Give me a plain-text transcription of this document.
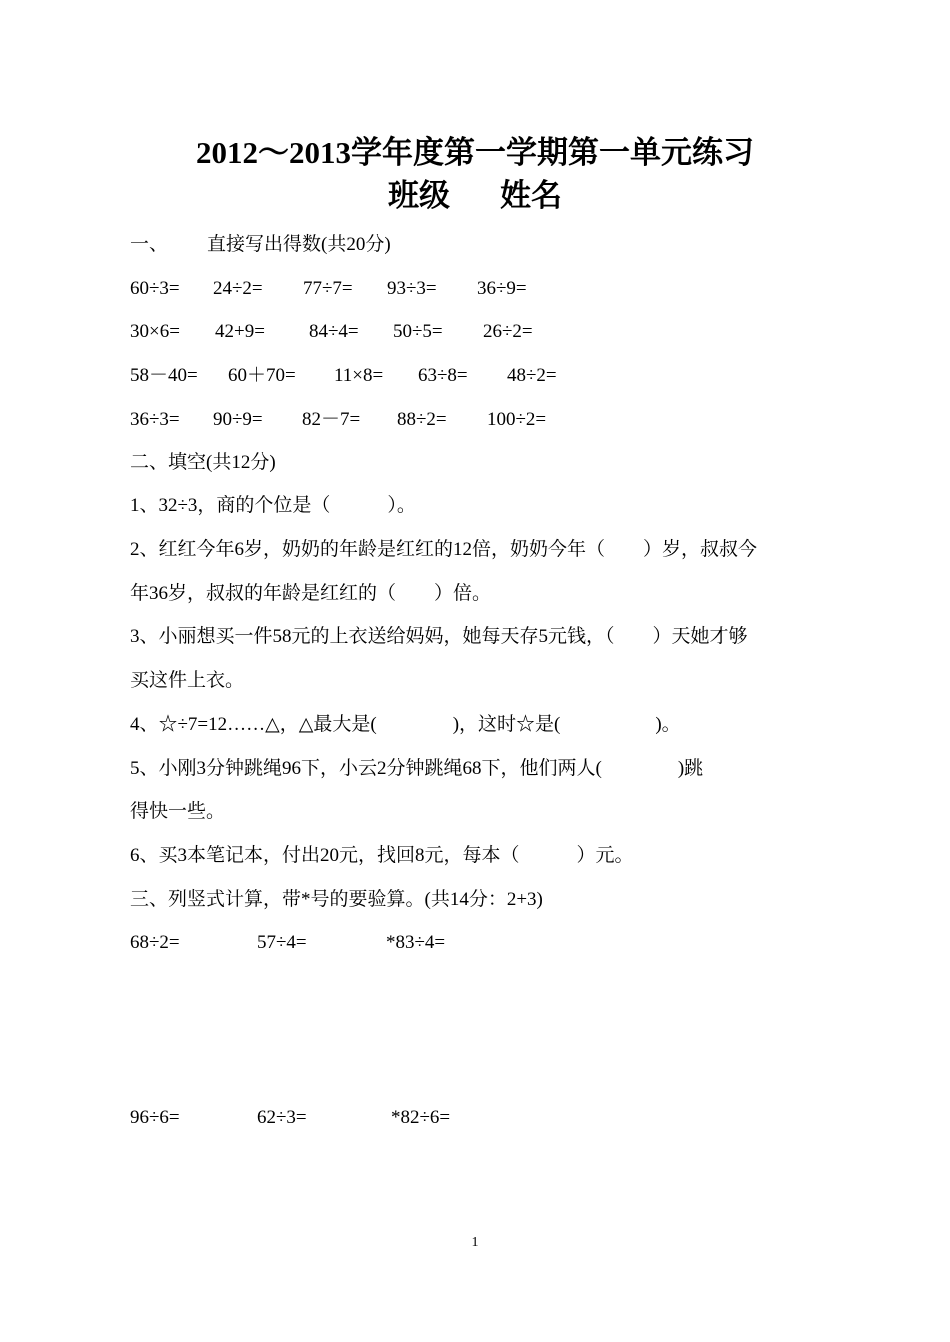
2012～2013学年度第一学期第一单元练习
班级 姓名
一、 直接写出得数(共20分)
60÷3= 24÷2= 77÷7= 93÷3= 36÷9=
30×6= 42+9= 84÷4= 50÷5= 26÷2=
58－40= 60＋70= 11×8= 63÷8= 48÷2=
36÷3= 90÷9= 82－7= 88÷2= 100÷2=
二、填空(共12分)
1、32÷3，商的个位是（　　　）。
2、红红今年6岁，奶奶的年龄是红红的12倍，奶奶今年（　　）岁，叔叔今
年36岁，叔叔的年龄是红红的（　　）倍。
3、小丽想买一件58元的上衣送给妈妈，她每天存5元钱，（　　）天她才够
买这件上衣。
4、☆÷7=12……△，△最大是(　　　　)，这时☆是(　　　　　)。
5、小刚3分钟跳绳96下，小云2分钟跳绳68下，他们两人(　　　　)跳
得快一些。
6、买3本笔记本，付出20元，找回8元，每本（　　　）元。
三、列竖式计算，带*号的要验算。(共14分：2+3)
68÷2=	57÷4=	*83÷4=
96÷6=	62÷3=	*82÷6=
1
